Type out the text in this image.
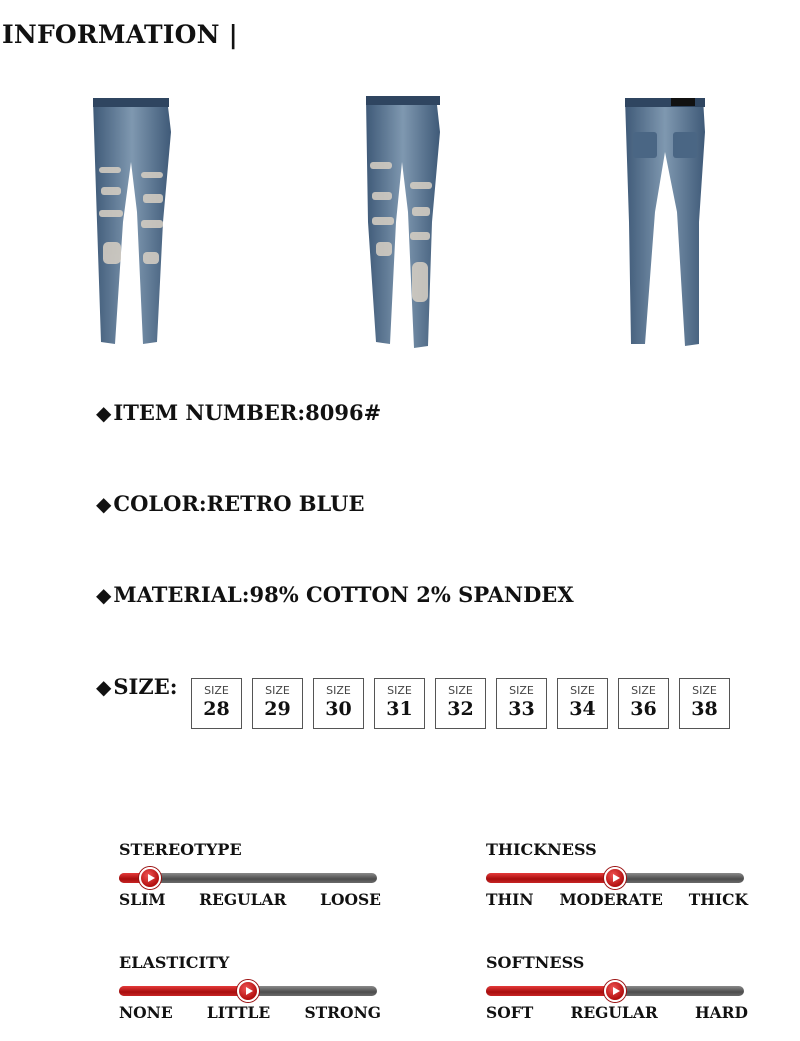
INFORMATION |
◆ITEM NUMBER:8096#
◆COLOR:RETRO BLUE
◆MATERIAL:98% COTTON 2% SPANDEX
◆SIZE: SIZE
28
SIZE
29
SIZE
30
SIZE
31
SIZE
32
SIZE
33
SIZE
34
SIZE
36
SIZE
38
STEREOTYPE
SLIM REGULAR LOOSE
THICKNESS
THIN MODERATE THICK
ELASTICITY
NONE LITTLE STRONG
SOFTNESS
SOFT REGULAR HARD
